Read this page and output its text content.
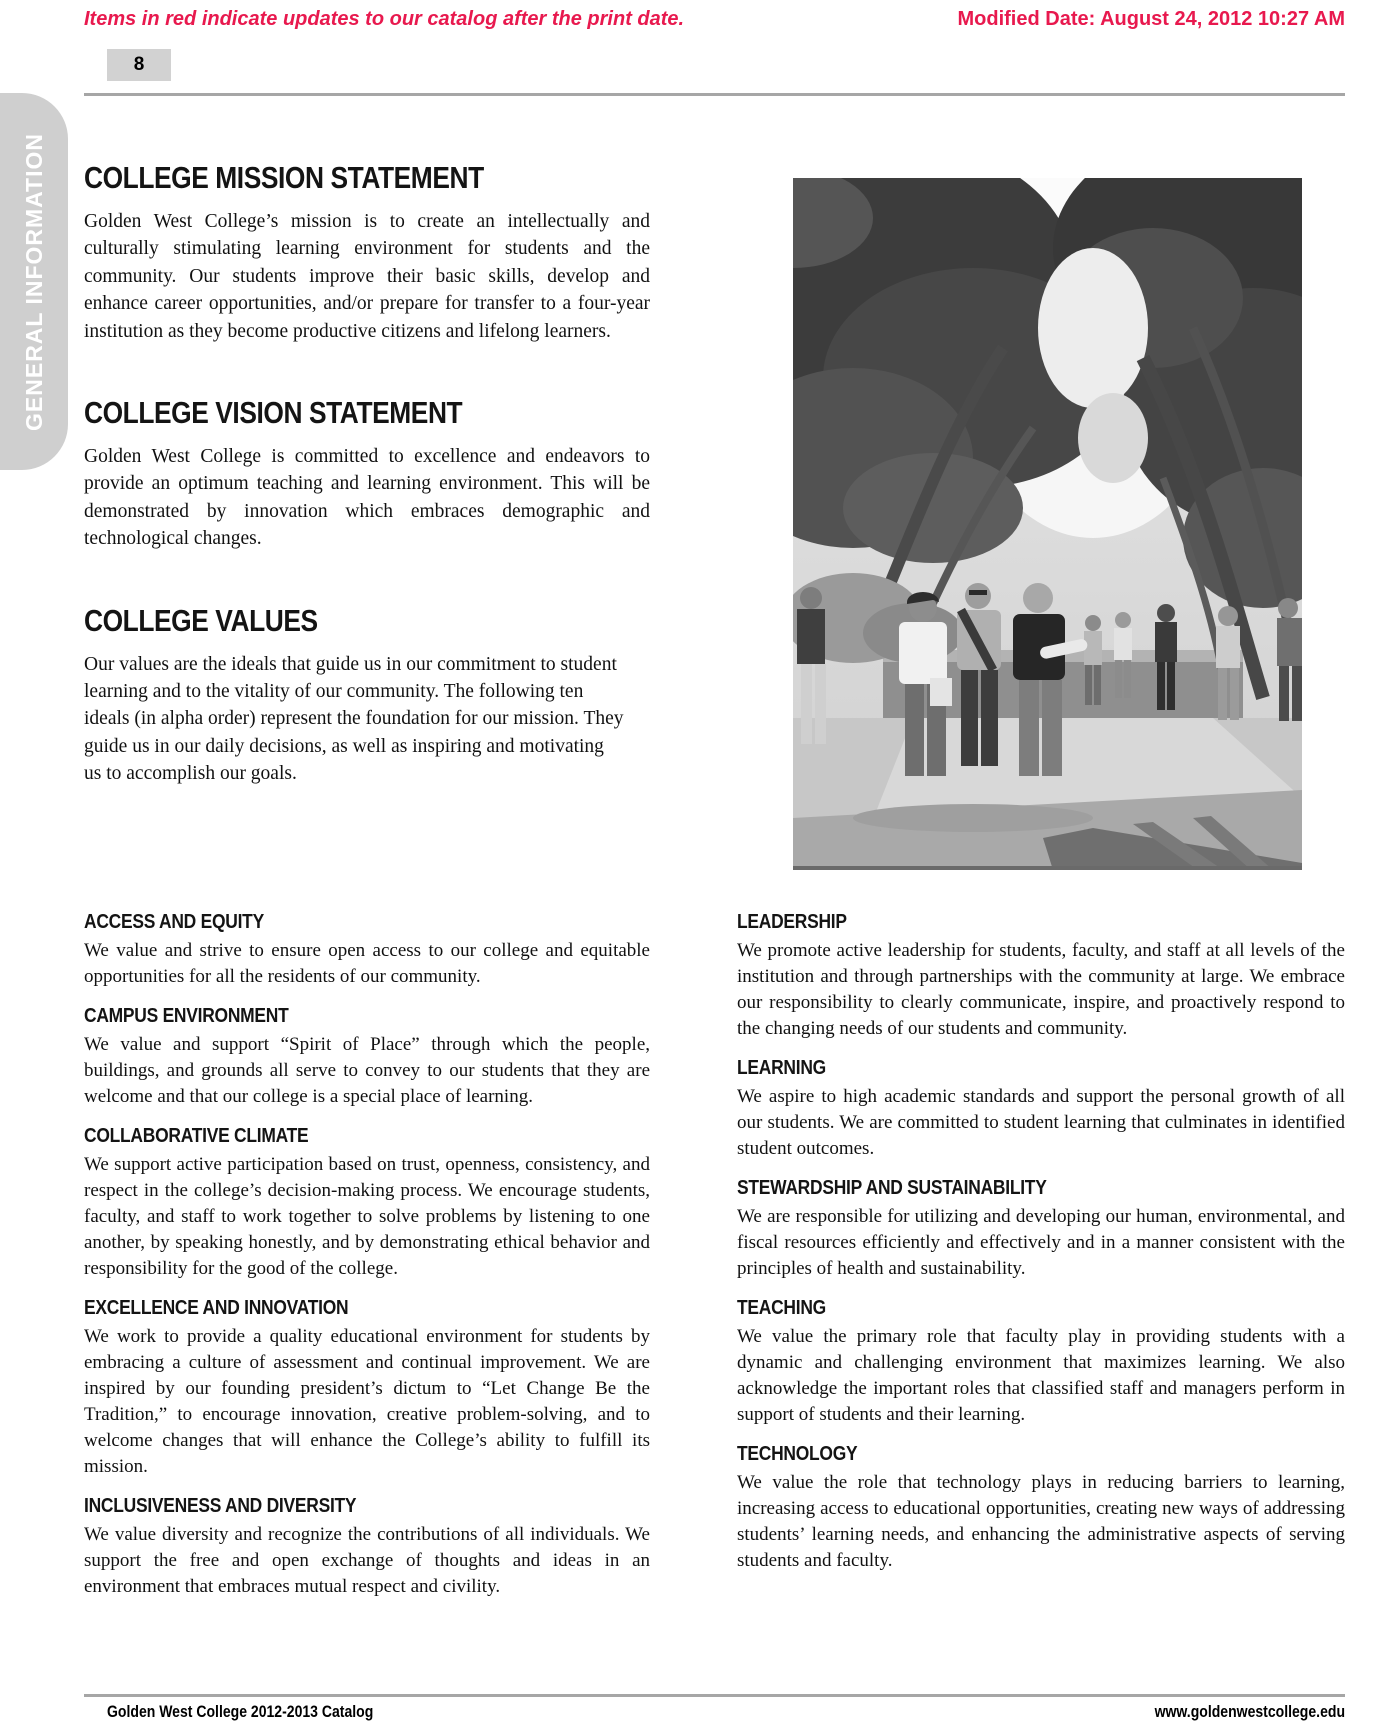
Items in red indicate updates to our catalog after the print date.	Modified Date: August 24, 2012 10:27 AM
8
GENERAL INFORMATION COLLEGE MISSION STATEMENT

Golden West College’s mission is to create an intellectually and culturally stimulating learning environment for students and the community. Our students improve their basic skills, develop and enhance career opportunities, and/or prepare for transfer to a four-year institution as they become productive citizens and lifelong learners.

COLLEGE VISION STATEMENT

Golden West College is committed to excellence and endeavors to provide an optimum teaching and learning environment. This will be demonstrated by innovation which embraces demographic and technological changes.

COLLEGE VALUES

Our values are the ideals that guide us in our commitment to student learning and to the vitality of our community. The following ten ideals (in alpha order) represent the foundation for our mission. They guide us in our daily decisions, as well as inspiring and motivating us to accomplish our goals.

ACCESS AND EQUITY

We value and strive to ensure open access to our college and equitable opportunities for all the residents of our community.

CAMPUS ENVIRONMENT

We value and support “Spirit of Place” through which the people, buildings, and grounds all serve to convey to our students that they are welcome and that our college is a special place of learning.

COLLABORATIVE CLIMATE

We support active participation based on trust, openness, consistency, and respect in the college’s decision-making process. We encourage students, faculty, and staff to work together to solve problems by listening to one another, by speaking honestly, and by demonstrating ethical behavior and responsibility for the good of the college.

EXCELLENCE AND INNOVATION

We work to provide a quality educational environment for students by embracing a culture of assessment and continual improvement. We are inspired by our founding president’s dictum to “Let Change Be the Tradition,” to encourage innovation, creative problem-solving, and to welcome changes that will enhance the College’s ability to fulfill its mission.

INCLUSIVENESS AND DIVERSITY

We value diversity and recognize the contributions of all individuals. We support the free and open exchange of thoughts and ideas in an environment that embraces mutual respect and civility.

LEADERSHIP

We promote active leadership for students, faculty, and staff at all levels of the institution and through partnerships with the community at large. We embrace our responsibility to clearly communicate, inspire, and proactively respond to the changing needs of our students and community.

LEARNING

We aspire to high academic standards and support the personal growth of all our students. We are committed to student learning that culminates in identified student outcomes.

STEWARDSHIP AND SUSTAINABILITY

We are responsible for utilizing and developing our human, environmental, and fiscal resources efficiently and effectively and in a manner consistent with the principles of health and sustainability.

TEACHING

We value the primary role that faculty play in providing students with a dynamic and challenging environment that maximizes learning. We also acknowledge the important roles that classified staff and managers perform in support of students and their learning.

TECHNOLOGY

We value the role that technology plays in reducing barriers to learning, increasing access to educational opportunities, creating new ways of addressing students’ learning needs, and enhancing the administrative aspects of serving students and faculty.

Golden West College 2012-2013 Catalog	www.goldenwestcollege.edu
